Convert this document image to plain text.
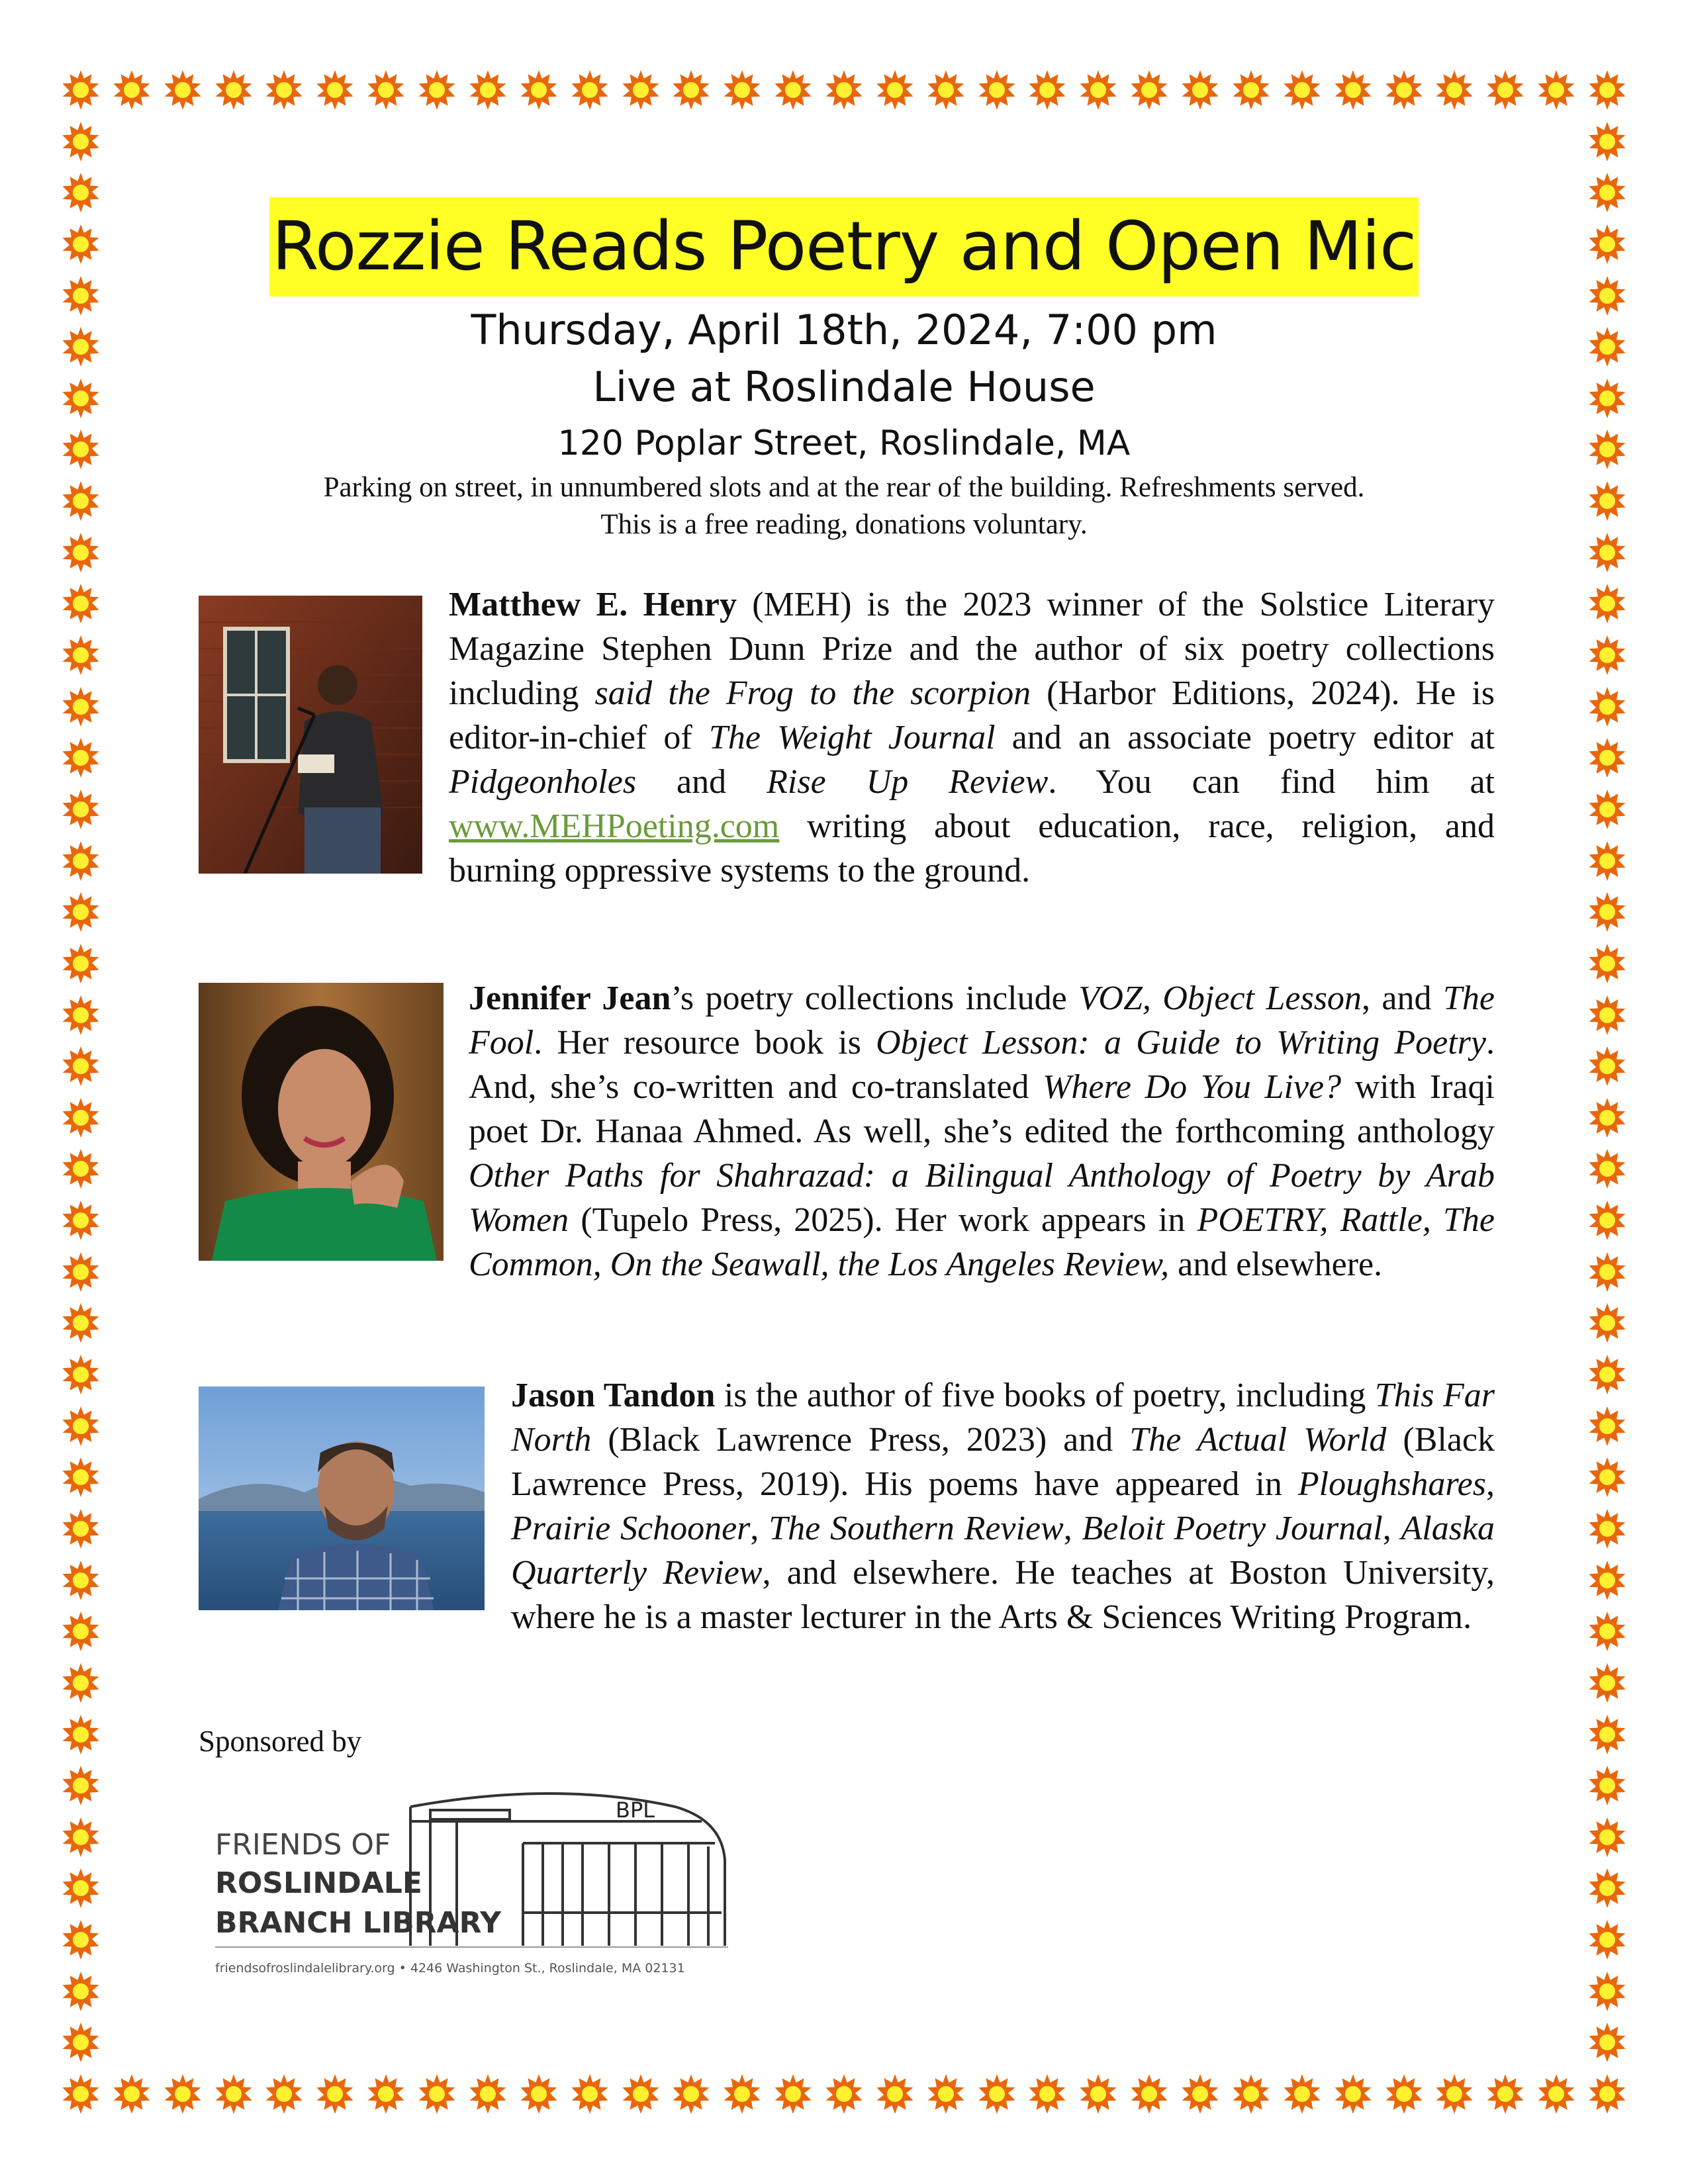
Rozzie Reads Poetry and Open Mic
Thursday, April 18th, 2024, 7:00 pm
Live at Roslindale House
120 Poplar Street, Roslindale, MA
Parking on street, in unnumbered slots and at the rear of the building. Refreshments served.
This is a free reading, donations voluntary.
Matthew E. Henry (MEH) is the 2023 winner of the Solstice Literary Magazine Stephen Dunn Prize and the author of six poetry collections including said the Frog to the scorpion (Harbor Editions, 2024). He is editor-in-chief of The Weight Journal and an associate poetry editor at Pidgeonholes and Rise Up Review. You can find him at www.MEHPoeting.com writing about education, race, religion, and burning oppressive systems to the ground.
Jennifer Jean’s poetry collections include VOZ, Object Lesson, and The Fool. Her resource book is Object Lesson: a Guide to Writing Poetry. And, she’s co-written and co-translated Where Do You Live? with Iraqi poet Dr. Hanaa Ahmed. As well, she’s edited the forthcoming anthology Other Paths for Shahrazad: a Bilingual Anthology of Poetry by Arab Women (Tupelo Press, 2025). Her work appears in POETRY, Rattle, The Common, On the Seawall, the Los Angeles Review, and elsewhere.
Jason Tandon is the author of five books of poetry, including This Far North (Black Lawrence Press, 2023) and The Actual World (Black Lawrence Press, 2019). His poems have appeared in Ploughshares, Prairie Schooner, The Southern Review, Beloit Poetry Journal, Alaska Quarterly Review, and elsewhere. He teaches at Boston University, where he is a master lecturer in the Arts & Sciences Writing Program.
Sponsored by
BPL
FRIENDS OF
ROSLINDALE
BRANCH LIBRARY
friendsofroslindalelibrary.org • 4246 Washington St., Roslindale, MA 02131
